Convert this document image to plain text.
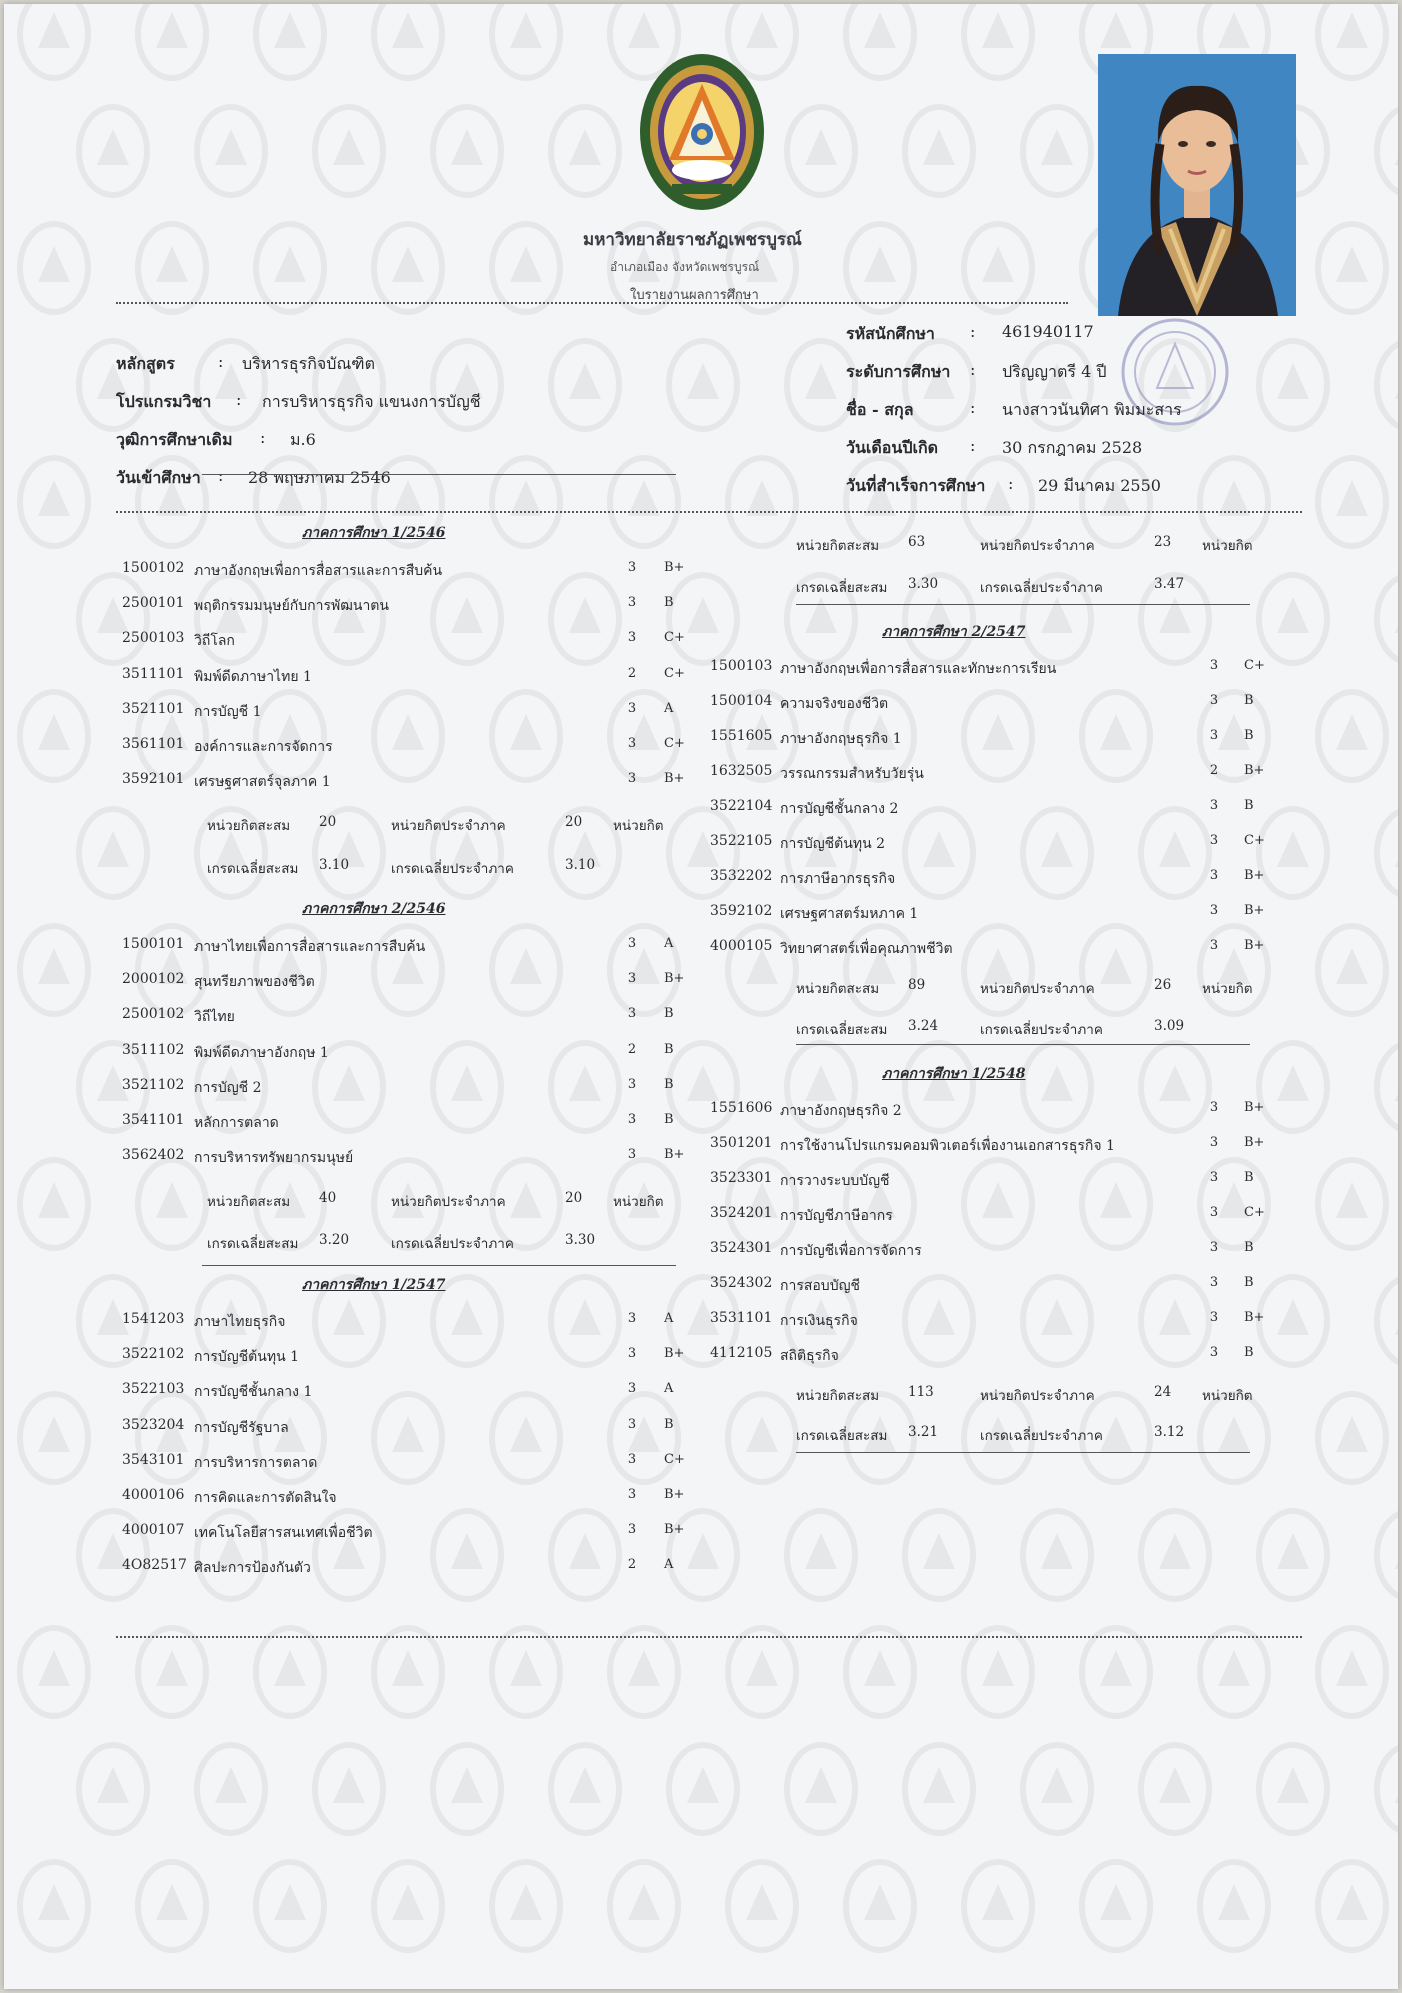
มหาวิทยาลัยราชภัฏเพชรบูรณ์
อำเภอเมือง จังหวัดเพชรบูรณ์
ใบรายงานผลการศึกษา
หลักสูตร	: บริหารธุรกิจบัณฑิต
โปรแกรมวิชา : การบริหารธุรกิจ แขนงการบัญชี
วุฒิการศึกษาเดิม : ม.6
วันเข้าศึกษา : 28 พฤษภาคม 2546
รหัสนักศึกษา : 461940117
ระดับการศึกษา : ปริญญาตรี 4 ปี
ชื่อ - สกุล	: นางสาวนันทิศา พิมมะสาร
วันเดือนปีเกิด : 30 กรกฎาคม 2528
วันที่สำเร็จการศึกษา : 29 มีนาคม 2550
ภาคการศึกษา 1/2546
1500102 ภาษาอังกฤษเพื่อการสื่อสารและการสืบค้น	3	B+
2500101 พฤติกรรมมนุษย์กับการพัฒนาตน	3	B
2500103 วิถีโลก	3	C+
3511101 พิมพ์ดีดภาษาไทย 1	2	C+
3521101 การบัญชี 1	3	A
3561101 องค์การและการจัดการ	3	C+
3592101 เศรษฐศาสตร์จุลภาค 1	3	B+
หน่วยกิตสะสม 20	หน่วยกิตประจำภาค	20 หน่วยกิต
เกรดเฉลี่ยสะสม 3.10	เกรดเฉลี่ยประจำภาค	3.10
ภาคการศึกษา 2/2546
1500101 ภาษาไทยเพื่อการสื่อสารและการสืบค้น	3	A
2000102 สุนทรียภาพของชีวิต	3	B+
2500102 วิถีไทย	3	B
3511102 พิมพ์ดีดภาษาอังกฤษ 1	2	B
3521102 การบัญชี 2	3	B
3541101 หลักการตลาด	3	B
3562402 การบริหารทรัพยากรมนุษย์	3	B+
หน่วยกิตสะสม 40	หน่วยกิตประจำภาค	20 หน่วยกิต
เกรดเฉลี่ยสะสม 3.20	เกรดเฉลี่ยประจำภาค	3.30
ภาคการศึกษา 1/2547
1541203 ภาษาไทยธุรกิจ	3	A
3522102 การบัญชีต้นทุน 1	3	B+
3522103 การบัญชีชั้นกลาง 1	3	A
3523204 การบัญชีรัฐบาล	3	B
3543101 การบริหารการตลาด	3	C+
4000106 การคิดและการตัดสินใจ	3	B+
4000107 เทคโนโลยีสารสนเทศเพื่อชีวิต	3	B+
4O82517 ศิลปะการป้องกันตัว	2	A
หน่วยกิตสะสม 63	หน่วยกิตประจำภาค	23 หน่วยกิต
เกรดเฉลี่ยสะสม 3.30	เกรดเฉลี่ยประจำภาค	3.47
ภาคการศึกษา 2/2547
1500103 ภาษาอังกฤษเพื่อการสื่อสารและทักษะการเรียน	3	C+
1500104 ความจริงของชีวิต	3	B
1551605 ภาษาอังกฤษธุรกิจ 1	3	B
1632505 วรรณกรรมสำหรับวัยรุ่น	2	B+
3522104 การบัญชีชั้นกลาง 2	3	B
3522105 การบัญชีต้นทุน 2	3	C+
3532202 การภาษีอากรธุรกิจ	3	B+
3592102 เศรษฐศาสตร์มหภาค 1	3	B+
4000105 วิทยาศาสตร์เพื่อคุณภาพชีวิต	3	B+
หน่วยกิตสะสม 89	หน่วยกิตประจำภาค	26 หน่วยกิต
เกรดเฉลี่ยสะสม 3.24	เกรดเฉลี่ยประจำภาค	3.09
ภาคการศึกษา 1/2548
1551606 ภาษาอังกฤษธุรกิจ 2	3	B+
3501201 การใช้งานโปรแกรมคอมพิวเตอร์เพื่องานเอกสารธุรกิจ 1	3	B+
3523301 การวางระบบบัญชี	3	B
3524201 การบัญชีภาษีอากร	3	C+
3524301 การบัญชีเพื่อการจัดการ	3	B
3524302 การสอบบัญชี	3	B
3531101 การเงินธุรกิจ	3	B+
4112105 สถิติธุรกิจ	3	B
หน่วยกิตสะสม 113	หน่วยกิตประจำภาค	24 หน่วยกิต
เกรดเฉลี่ยสะสม 3.21	เกรดเฉลี่ยประจำภาค	3.12
